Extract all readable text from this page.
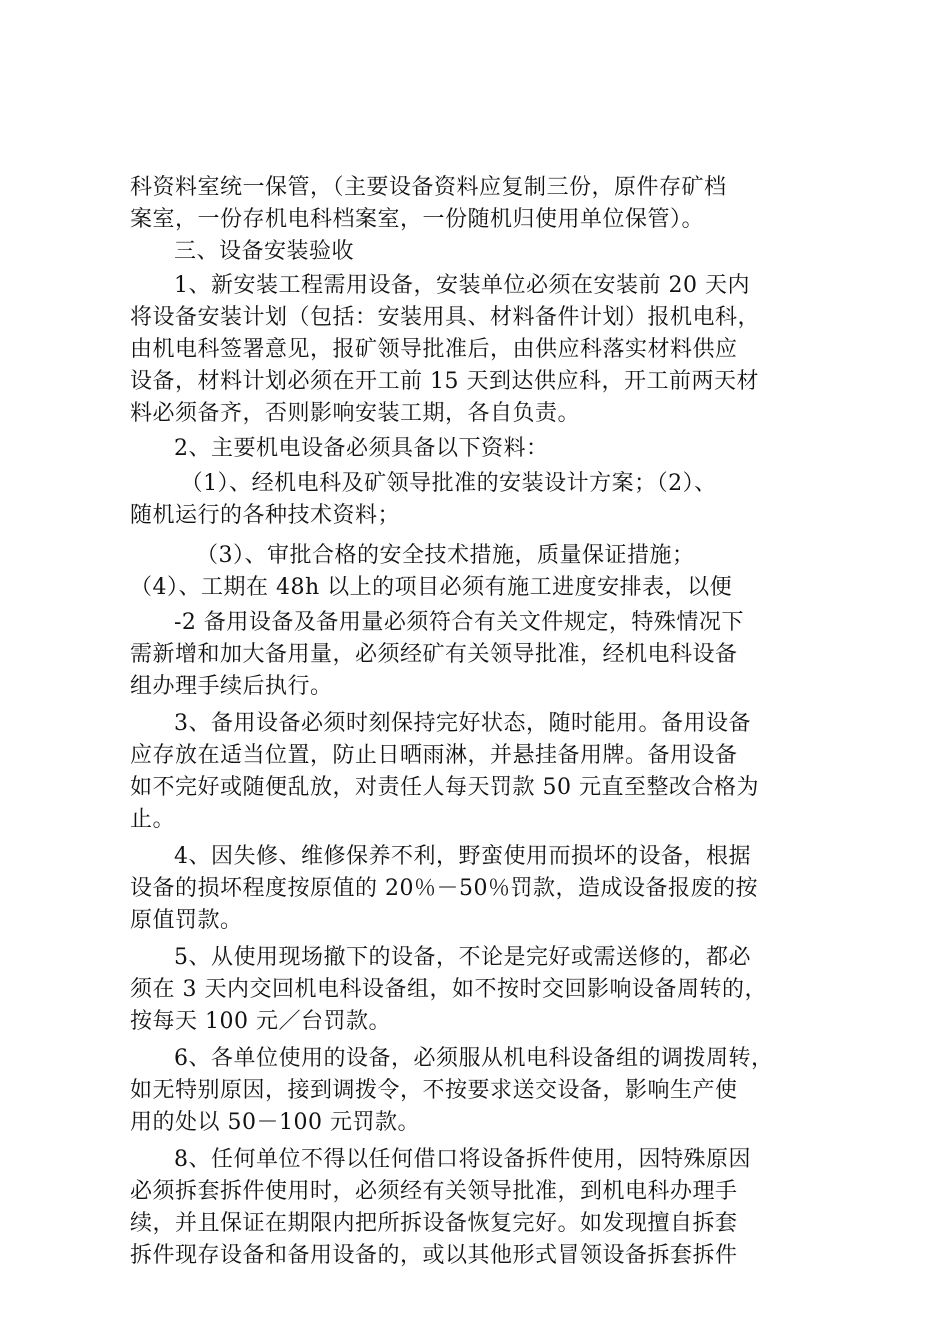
科资料室统一保管，（主要设备资料应复制三份，原件存矿档
案室，一份存机电科档案室，一份随机归使用单位保管）。
三、设备安装验收
1、新安装工程需用设备，安装单位必须在安装前 20 天内
将设备安装计划（包括：安装用具、材料备件计划）报机电科，
由机电科签署意见，报矿领导批准后，由供应科落实材料供应
设备，材料计划必须在开工前 15 天到达供应科，开工前两天材
料必须备齐，否则影响安装工期，各自负责。
2、主要机电设备必须具备以下资料：
（1）、经机电科及矿领导批准的安装设计方案；（2）、
随机运行的各种技术资料；
（3）、审批合格的安全技术措施，质量保证措施；
（4）、工期在 48h 以上的项目必须有施工进度安排表，以便
-2 备用设备及备用量必须符合有关文件规定，特殊情况下
需新增和加大备用量，必须经矿有关领导批准，经机电科设备
组办理手续后执行。
3、备用设备必须时刻保持完好状态，随时能用。备用设备
应存放在适当位置，防止日晒雨淋，并悬挂备用牌。备用设备
如不完好或随便乱放，对责任人每天罚款 50 元直至整改合格为
止。
4、因失修、维修保养不利，野蛮使用而损坏的设备，根据
设备的损坏程度按原值的 20％－50％罚款，造成设备报废的按
原值罚款。
5、从使用现场撤下的设备，不论是完好或需送修的，都必
须在 3 天内交回机电科设备组，如不按时交回影响设备周转的，
按每天 100 元／台罚款。
6、各单位使用的设备，必须服从机电科设备组的调拨周转，
如无特别原因，接到调拨令，不按要求送交设备，影响生产使
用的处以 50－100 元罚款。
8、任何单位不得以任何借口将设备拆件使用，因特殊原因
必须拆套拆件使用时，必须经有关领导批准，到机电科办理手
续，并且保证在期限内把所拆设备恢复完好。如发现擅自拆套
拆件现存设备和备用设备的，或以其他形式冒领设备拆套拆件
